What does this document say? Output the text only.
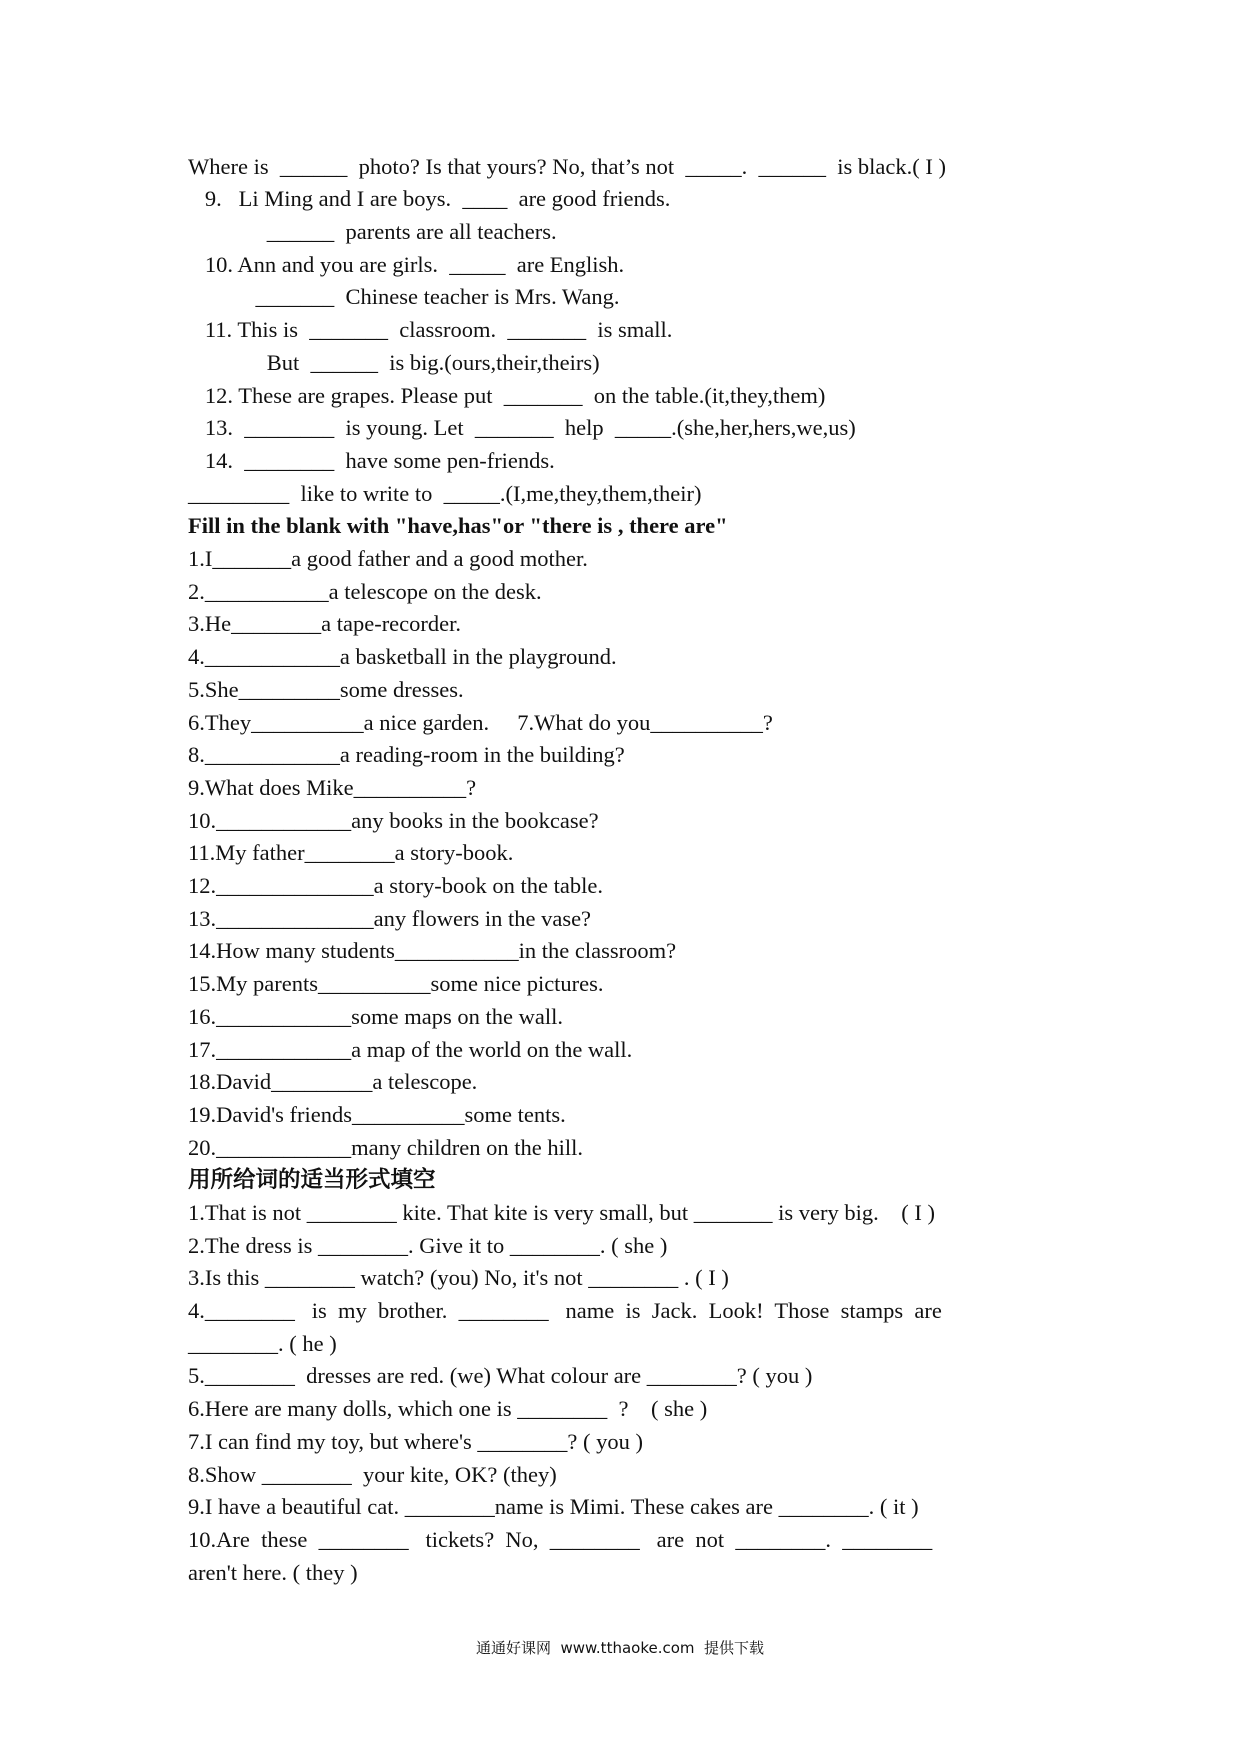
Where is  ______  photo? Is that yours? No, that’s not  _____.  ______  is black.( I )
9.   Li Ming and I are boys.  ____  are good friends.
______  parents are all teachers.
10. Ann and you are girls.  _____  are English.
_______  Chinese teacher is Mrs. Wang.
11. This is  _______  classroom.  _______  is small.
But  ______  is big.(ours,their,theirs)
12. These are grapes. Please put  _______  on the table.(it,they,them)
13.  ________  is young. Let  _______  help  _____.(she,her,hers,we,us)
14.  ________  have some pen-friends.
_________  like to write to  _____.(I,me,they,them,their)
Fill in the blank with "have,has"or "there is , there are"
1.I_______a good father and a good mother.
2.___________a telescope on the desk.
3.He________a tape-recorder.
4.____________a basketball in the playground.
5.She_________some dresses.
6.They__________a nice garden.     7.What do you__________?
8.____________a reading-room in the building?
9.What does Mike__________?
10.____________any books in the bookcase?
11.My father________a story-book.
12.______________a story-book on the table.
13.______________any flowers in the vase?
14.How many students___________in the classroom?
15.My parents__________some nice pictures.
16.____________some maps on the wall.
17.____________a map of the world on the wall.
18.David_________a telescope.
19.David's friends__________some tents.
20.____________many children on the hill.
用所给词的适当形式填空
1.That is not ________ kite. That kite is very small, but _______ is very big.    ( I )
2.The dress is ________. Give it to ________. ( she )
3.Is this ________ watch? (you) No, it's not ________ . ( I )
4.________   is  my  brother.  ________   name  is  Jack.  Look!  Those  stamps  are
________. ( he )
5.________  dresses are red. (we) What colour are ________? ( you )
6.Here are many dolls, which one is ________  ?    ( she )
7.I can find my toy, but where's ________? ( you )
8.Show ________  your kite, OK? (they)
9.I have a beautiful cat. ________name is Mimi. These cakes are ________. ( it )
10.Are  these  ________   tickets?  No,  ________   are  not  ________.  ________
aren't here. ( they )
通通好课网  www.tthaoke.com  提供下载
